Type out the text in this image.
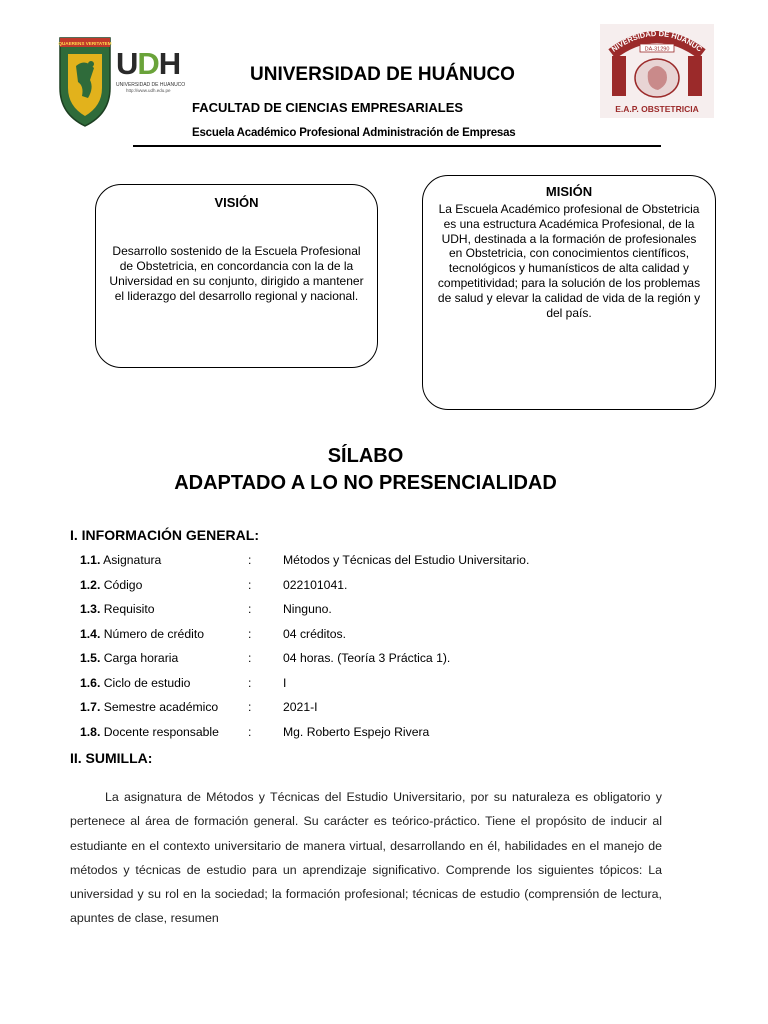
QUAERENS VERITATEM
UDH
UNIVERSIDAD DE HUANUCO
http://www.udh.edu.pe
UNIVERSIDAD DE HUÁNUCO
FACULTAD DE CIENCIAS EMPRESARIALES
Escuela Académico Profesional Administración de Empresas
NIVERSIDAD DE HUÁNUC
DA-31290
E.A.P. OBSTETRICIA
VISIÓN
Desarrollo sostenido de la Escuela Profesional de Obstetricia, en concordancia con la de la Universidad en su conjunto, dirigido a mantener el liderazgo del desarrollo regional y nacional.
MISIÓN
La Escuela Académico profesional de Obstetricia es una estructura Académica Profesional, de la UDH, destinada a la formación de profesionales en Obstetricia, con conocimientos científicos, tecnológicos y humanísticos de alta calidad y competitividad; para la solución de los problemas de salud y elevar la calidad de vida de la región y del país.
SÍLABO
ADAPTADO A LO NO PRESENCIALIDAD
I. INFORMACIÓN GENERAL:
1.1. Asignatura	:	Métodos y Técnicas del Estudio Universitario.
1.2. Código	:	022101041.
1.3. Requisito	:	Ninguno.
1.4. Número de crédito	:	04 créditos.
1.5. Carga horaria	:	04 horas. (Teoría 3 Práctica 1).
1.6. Ciclo de estudio	:	I
1.7. Semestre académico :	2021-I
1.8. Docente responsable :	Mg. Roberto Espejo Rivera
II. SUMILLA:
La asignatura de Métodos y Técnicas del Estudio Universitario, por su naturaleza es obligatorio y pertenece al área de formación general. Su carácter es teórico-práctico. Tiene el propósito de inducir al estudiante en el contexto universitario de manera virtual, desarrollando en él, habilidades en el manejo de métodos y técnicas de estudio para un aprendizaje significativo. Comprende los siguientes tópicos: La universidad y su rol en la sociedad; la formación profesional; técnicas de estudio (comprensión de lectura, apuntes de clase, resumen
